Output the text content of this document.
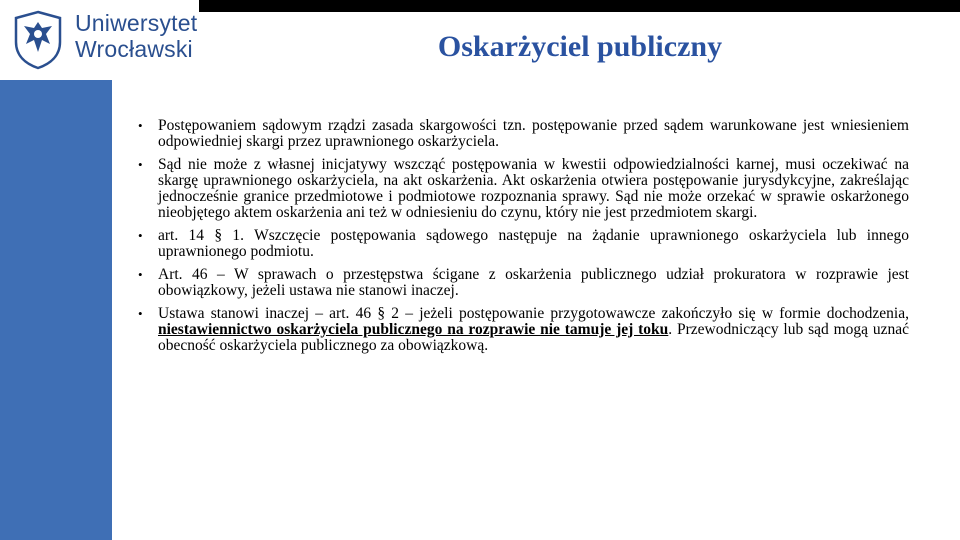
Uniwersytet
Wrocławski	Oskarżyciel publiczny
• Postępowaniem sądowym rządzi zasada skargowości tzn. postępowanie przed sądem warunkowane jest wniesieniem odpowiedniej skargi przez uprawnionego oskarżyciela.
• Sąd nie może z własnej inicjatywy wszcząć postępowania w kwestii odpowiedzialności karnej, musi oczekiwać na skargę uprawnionego oskarżyciela, na akt oskarżenia. Akt oskarżenia otwiera postępowanie jurysdykcyjne, zakreślając jednocześnie granice przedmiotowe i podmiotowe rozpoznania sprawy. Sąd nie może orzekać w sprawie oskarżonego nieobjętego aktem oskarżenia ani też w odniesieniu do czynu, który nie jest przedmiotem skargi.
• art. 14 § 1. Wszczęcie postępowania sądowego następuje na żądanie uprawnionego oskarżyciela lub innego uprawnionego podmiotu.
• Art. 46 – W sprawach o przestępstwa ścigane z oskarżenia publicznego udział prokuratora w rozprawie jest obowiązkowy, jeżeli ustawa nie stanowi inaczej.
• Ustawa stanowi inaczej – art. 46 § 2 – jeżeli postępowanie przygotowawcze zakończyło się w formie dochodzenia, niestawiennictwo oskarżyciela publicznego na rozprawie nie tamuje jej toku. Przewodniczący lub sąd mogą uznać obecność oskarżyciela publicznego za obowiązkową.
